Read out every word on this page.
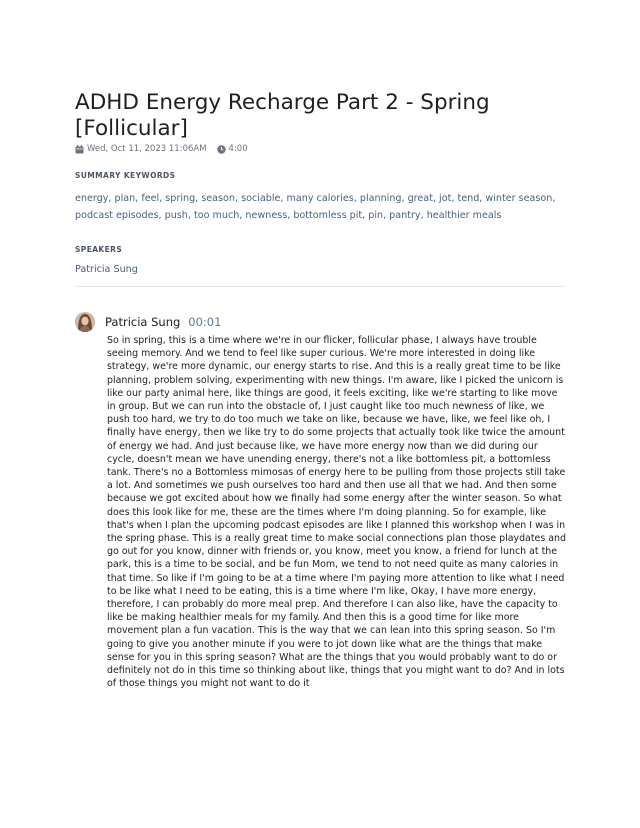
ADHD Energy Recharge Part 2 - Spring [Follicular]
Wed, Oct 11, 2023 11:06AM	4:00
SUMMARY KEYWORDS
energy, plan, feel, spring, season, sociable, many calories, planning, great, jot, tend, winter season, podcast episodes, push, too much, newness, bottomless pit, pin, pantry, healthier meals
SPEAKERS
Patricia Sung
Patricia Sung 00:01

So in spring, this is a time where we're in our flicker, follicular phase, I always have trouble seeing memory. And we tend to feel like super curious. We're more interested in doing like strategy, we're more dynamic, our energy starts to rise. And this is a really great time to be like planning, problem solving, experimenting with new things. I'm aware, like I picked the unicorn is like our party animal here, like things are good, it feels exciting, like we're starting to like move in group. But we can run into the obstacle of, I just caught like too much newness of like, we push too hard, we try to do too much we take on like, because we have, like, we feel like oh, I finally have energy, then we like try to do some projects that actually took like twice the amount of energy we had. And just because like, we have more energy now than we did during our cycle, doesn't mean we have unending energy, there's not a like bottomless pit, a bottomless tank. There's no a Bottomless mimosas of energy here to be pulling from those projects still take a lot. And sometimes we push ourselves too hard and then use all that we had. And then some because we got excited about how we finally had some energy after the winter season. So what does this look like for me, these are the times where I'm doing planning. So for example, like that's when I plan the upcoming podcast episodes are like I planned this workshop when I was in the spring phase. This is a really great time to make social connections plan those playdates and go out for you know, dinner with friends or, you know, meet you know, a friend for lunch at the park, this is a time to be social, and be fun Mom, we tend to not need quite as many calories in that time. So like if I'm going to be at a time where I'm paying more attention to like what I need to be like what I need to be eating, this is a time where I'm like, Okay, I have more energy, therefore, I can probably do more meal prep. And therefore I can also like, have the capacity to like be making healthier meals for my family. And then this is a good time for like more movement plan a fun vacation. This is the way that we can lean into this spring season. So I'm going to give you another minute if you were to jot down like what are the things that make sense for you in this spring season? What are the things that you would probably want to do or definitely not do in this time so thinking about like, things that you might want to do? And in lots of those things you might not want to do it
